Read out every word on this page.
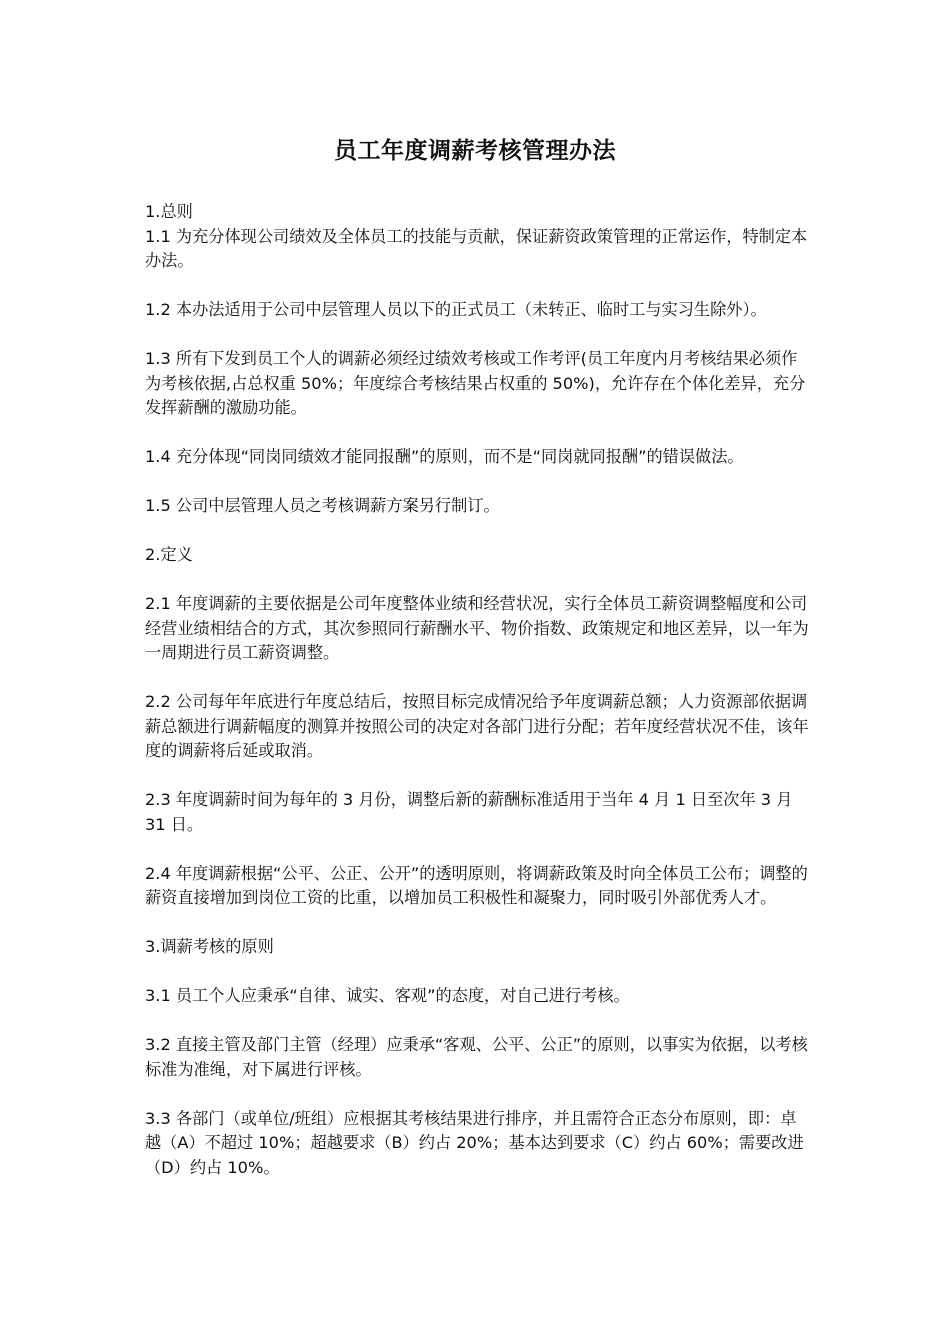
员工年度调薪考核管理办法

1.总则
1.1 为充分体现公司绩效及全体员工的技能与贡献，保证薪资政策管理的正常运作，特制定本办法。

1.2 本办法适用于公司中层管理人员以下的正式员工（未转正、临时工与实习生除外）。

1.3 所有下发到员工个人的调薪必须经过绩效考核或工作考评(员工年度内月考核结果必须作为考核依据,占总权重 50%；年度综合考核结果占权重的 50%)，允许存在个体化差异，充分发挥薪酬的激励功能。

1.4 充分体现“同岗同绩效才能同报酬”的原则，而不是“同岗就同报酬”的错误做法。

1.5 公司中层管理人员之考核调薪方案另行制订。

2.定义

2.1 年度调薪的主要依据是公司年度整体业绩和经营状况，实行全体员工薪资调整幅度和公司经营业绩相结合的方式，其次参照同行薪酬水平、物价指数、政策规定和地区差异，以一年为一周期进行员工薪资调整。

2.2 公司每年年底进行年度总结后，按照目标完成情况给予年度调薪总额；人力资源部依据调薪总额进行调薪幅度的测算并按照公司的决定对各部门进行分配；若年度经营状况不佳，该年度的调薪将后延或取消。

2.3 年度调薪时间为每年的 3 月份，调整后新的薪酬标准适用于当年 4 月 1 日至次年 3 月 31 日。

2.4 年度调薪根据“公平、公正、公开”的透明原则，将调薪政策及时向全体员工公布；调整的薪资直接增加到岗位工资的比重，以增加员工积极性和凝聚力，同时吸引外部优秀人才。

3.调薪考核的原则

3.1 员工个人应秉承“自律、诚实、客观”的态度，对自己进行考核。

3.2 直接主管及部门主管（经理）应秉承“客观、公平、公正”的原则，以事实为依据，以考核标准为准绳，对下属进行评核。

3.3 各部门（或单位/班组）应根据其考核结果进行排序，并且需符合正态分布原则，即：卓越（A）不超过 10%；超越要求（B）约占 20%；基本达到要求（C）约占 60%；需要改进（D）约占 10%。
